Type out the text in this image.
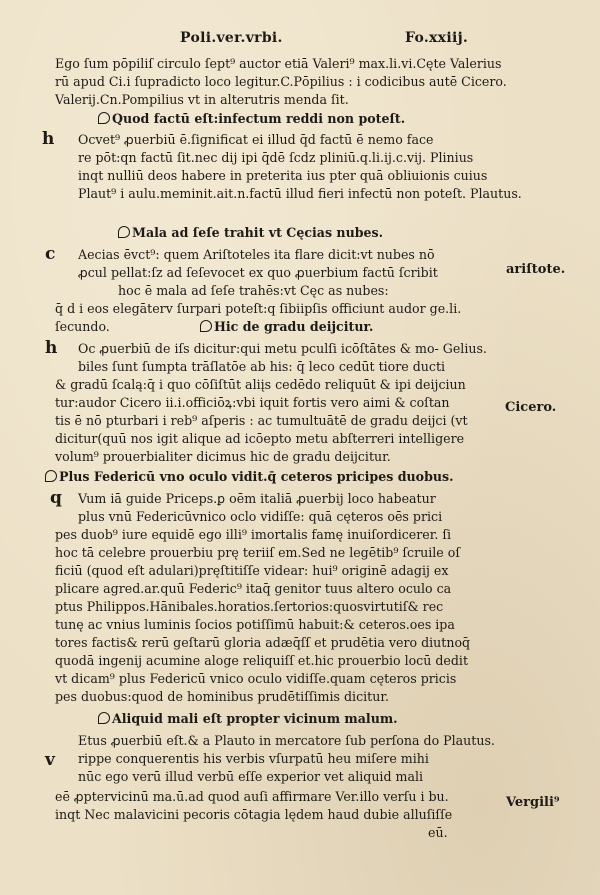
Poli.ver.vrbi.	Fo.xxiij.
Ego ſum pōpiliſ circulo ſept⁹ auctor etiā Valeri⁹ max.li.vi.Cęte Valerius
rū apud Ci.i ſupradicto loco legitur.C.Pōpilius : i codicibus autē Cicero.
Valerij.Cn.Pompilius vt in alterutris menda ſit.
Quod factū eſt:infectum reddi non poteſt.
Ocvet⁹ ꝓuerbiū ē.ſignificat ei illud q̄d factū ē nemo face
re pōt:qn factū ſit.nec dij ipi q̄dē ſcdz pliniū.q.li.ij.c.vij. Plinius
inqt nulliū deos habere in preterita ius pter quā obliuionis cuius
Plaut⁹ i aulu.meminit.ait.n.factū illud fieri infectū non poteſt. Plautus.
Mala ad ſeſe trahit vt Cęcias nubes.
Aecias ēvct⁹: quem Ariſtoteles ita flare dicit:vt nubes nō
ꝓcul pellat:ſz ad ſeſevocet ex quo ꝓuerbium factū ſcribit
hoc ē mala ad ſeſe trahēs:vt Cęc as nubes:
q̄ d i eos elegāterv ſurpari poteſt:q ſibiipſis officiunt audor ge.li.
ſecundo.	Hic de gradu deijcitur.
Oc ꝓuerbiū de iſs dicitur:qui metu pculſi icōſtātes & mo- Gelius.
biles ſunt ſumpta trāſlatōe ab his: q̄ leco cedūt tiore ducti
& gradū ſcalą:q̄ i quo cōſiſtūt aliįs cedēdo reliquūt & ipi deijciun
tur:audor Cicero ii.i.officiōꝝ:vbi iquit fortis vero aimi & coſtan
tis ē nō pturbari i reb⁹ aſperis : ac tumultuātē de gradu deijci (vt
dicitur(quū nos igit alique ad icōepto metu abſterreri intelligere
volum⁹ prouerbialiter dicimus hic de gradu deijcitur.
Plus Federicū vno oculo vidit.q̄ ceteros pricipes duobus.
Vum iā guide Priceps.ꝑ oēm italiā ꝓuerbij loco habeatur
plus vnū Federicūvnico oclo vidiſſe: quā cęteros oēs prici
pes duob⁹ iure equidē ego illi⁹ imortalis famę inuiſordicerer. ſi
hoc tā celebre prouerbiu prę teriiſ em.Sed ne legētib⁹ ſcruile oſ
ficiū (quod eſt adulari)pręſtitiſſe videar: hui⁹ originē adagij ex
plicare agred.ar.quū Federic⁹ itaq̄ genitor tuus altero oculo ca
ptus Philippos.Hānibales.horatios.ſertorios:quosvirtutiſ& rec
tunę ac vnius luminis ſocios potiſſimū habuit:& ceteros.oes ipa
tores factis& rerū geſtarū gloria adæq̄ſſ et prudētia vero diutnoq̄
quodā ingenij acumine aloge reliquiſſ et.hic prouerbio locū dedit
vt dicam⁹ plus Federicū vnico oculo vidiſſe.quam cęteros pricis
pes duobus:quod de hominibus prudētiſſimis dicitur.
Aliquid mali eſt propter vicinum malum.
Etus ꝓuerbiū eſt.& a Plauto in mercatore ſub perſona do Plautus.
rippe conquerentis his verbis vſurpatū heu miſere mihi
nūc ego verū illud verbū eſſe experior vet aliquid mali
eē ꝓptervicinū ma.ū.ad quod auſi affirmare Ver.illo verſu i bu.
inqt Nec malavicini pecoris cōtagia lędem haud dubie alluſiſſe
eū.
h
c
h
q
v
ariſtote.
Cicero.
Vergili⁹
